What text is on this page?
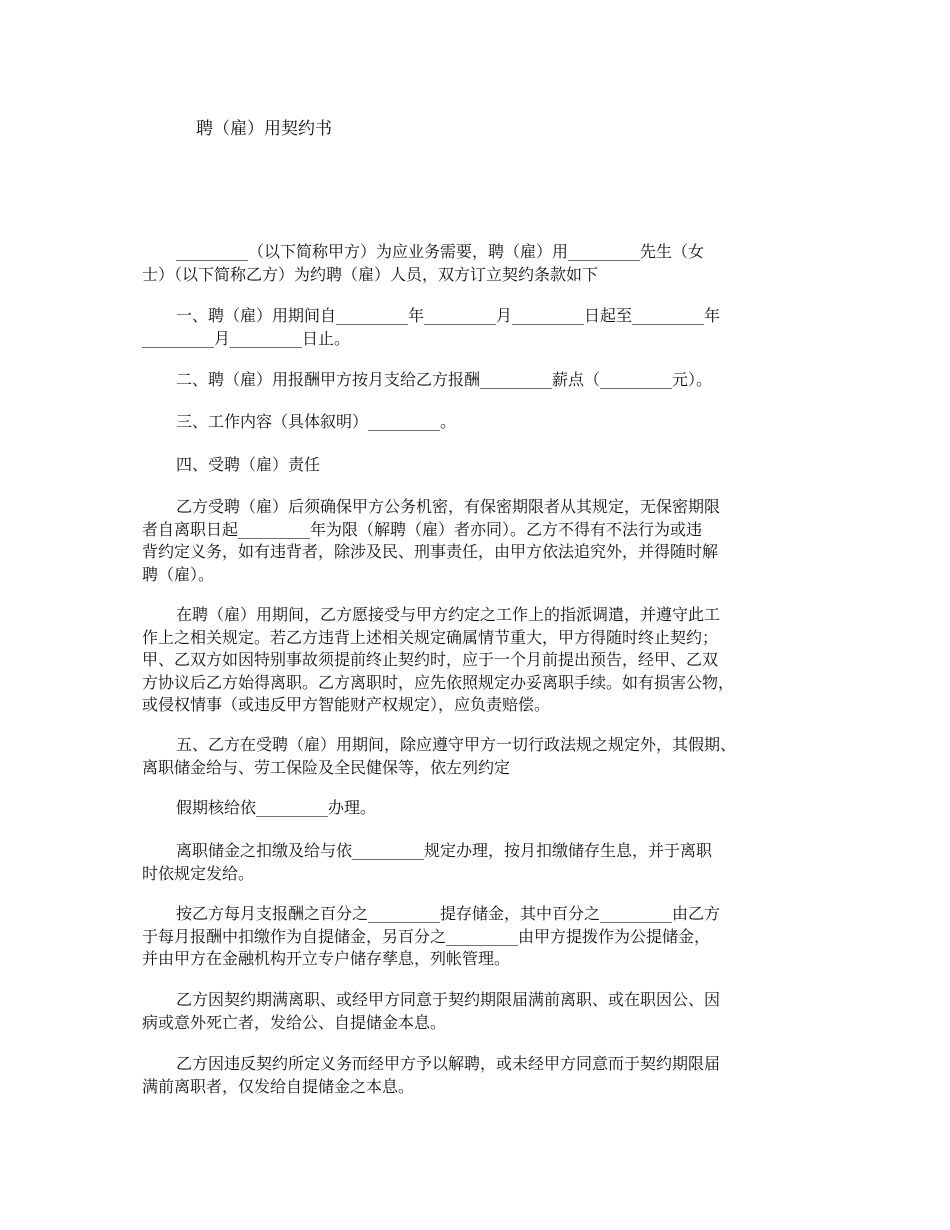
聘（雇）用契约书
_________（以下简称甲方）为应业务需要，聘（雇）用_________先生（女
士）（以下简称乙方）为约聘（雇）人员，双方订立契约条款如下
一、聘（雇）用期间自_________年_________月_________日起至_________年
_________月_________日止。
二、聘（雇）用报酬甲方按月支给乙方报酬_________薪点（_________元）。
三、工作内容（具体叙明）_________。
四、受聘（雇）责任
乙方受聘（雇）后须确保甲方公务机密，有保密期限者从其规定，无保密期限
者自离职日起_________年为限（解聘（雇）者亦同）。乙方不得有不法行为或违
背约定义务，如有违背者，除涉及民、刑事责任，由甲方依法追究外，并得随时解
聘（雇）。
在聘（雇）用期间，乙方愿接受与甲方约定之工作上的指派调遣，并遵守此工
作上之相关规定。若乙方违背上述相关规定确属情节重大，甲方得随时终止契约；
甲、乙双方如因特别事故须提前终止契约时，应于一个月前提出预告，经甲、乙双
方协议后乙方始得离职。乙方离职时，应先依照规定办妥离职手续。如有损害公物，
或侵权情事（或违反甲方智能财产权规定），应负责赔偿。
五、乙方在受聘（雇）用期间，除应遵守甲方一切行政法规之规定外，其假期、
离职储金给与、劳工保险及全民健保等，依左列约定
假期核给依_________办理。
离职储金之扣缴及给与依_________规定办理，按月扣缴储存生息，并于离职
时依规定发给。
按乙方每月支报酬之百分之_________提存储金，其中百分之_________由乙方
于每月报酬中扣缴作为自提储金，另百分之_________由甲方提拨作为公提储金，
并由甲方在金融机构开立专户储存孳息，列帐管理。
乙方因契约期满离职、或经甲方同意于契约期限届满前离职、或在职因公、因
病或意外死亡者，发给公、自提储金本息。
乙方因违反契约所定义务而经甲方予以解聘，或未经甲方同意而于契约期限届
满前离职者，仅发给自提储金之本息。
